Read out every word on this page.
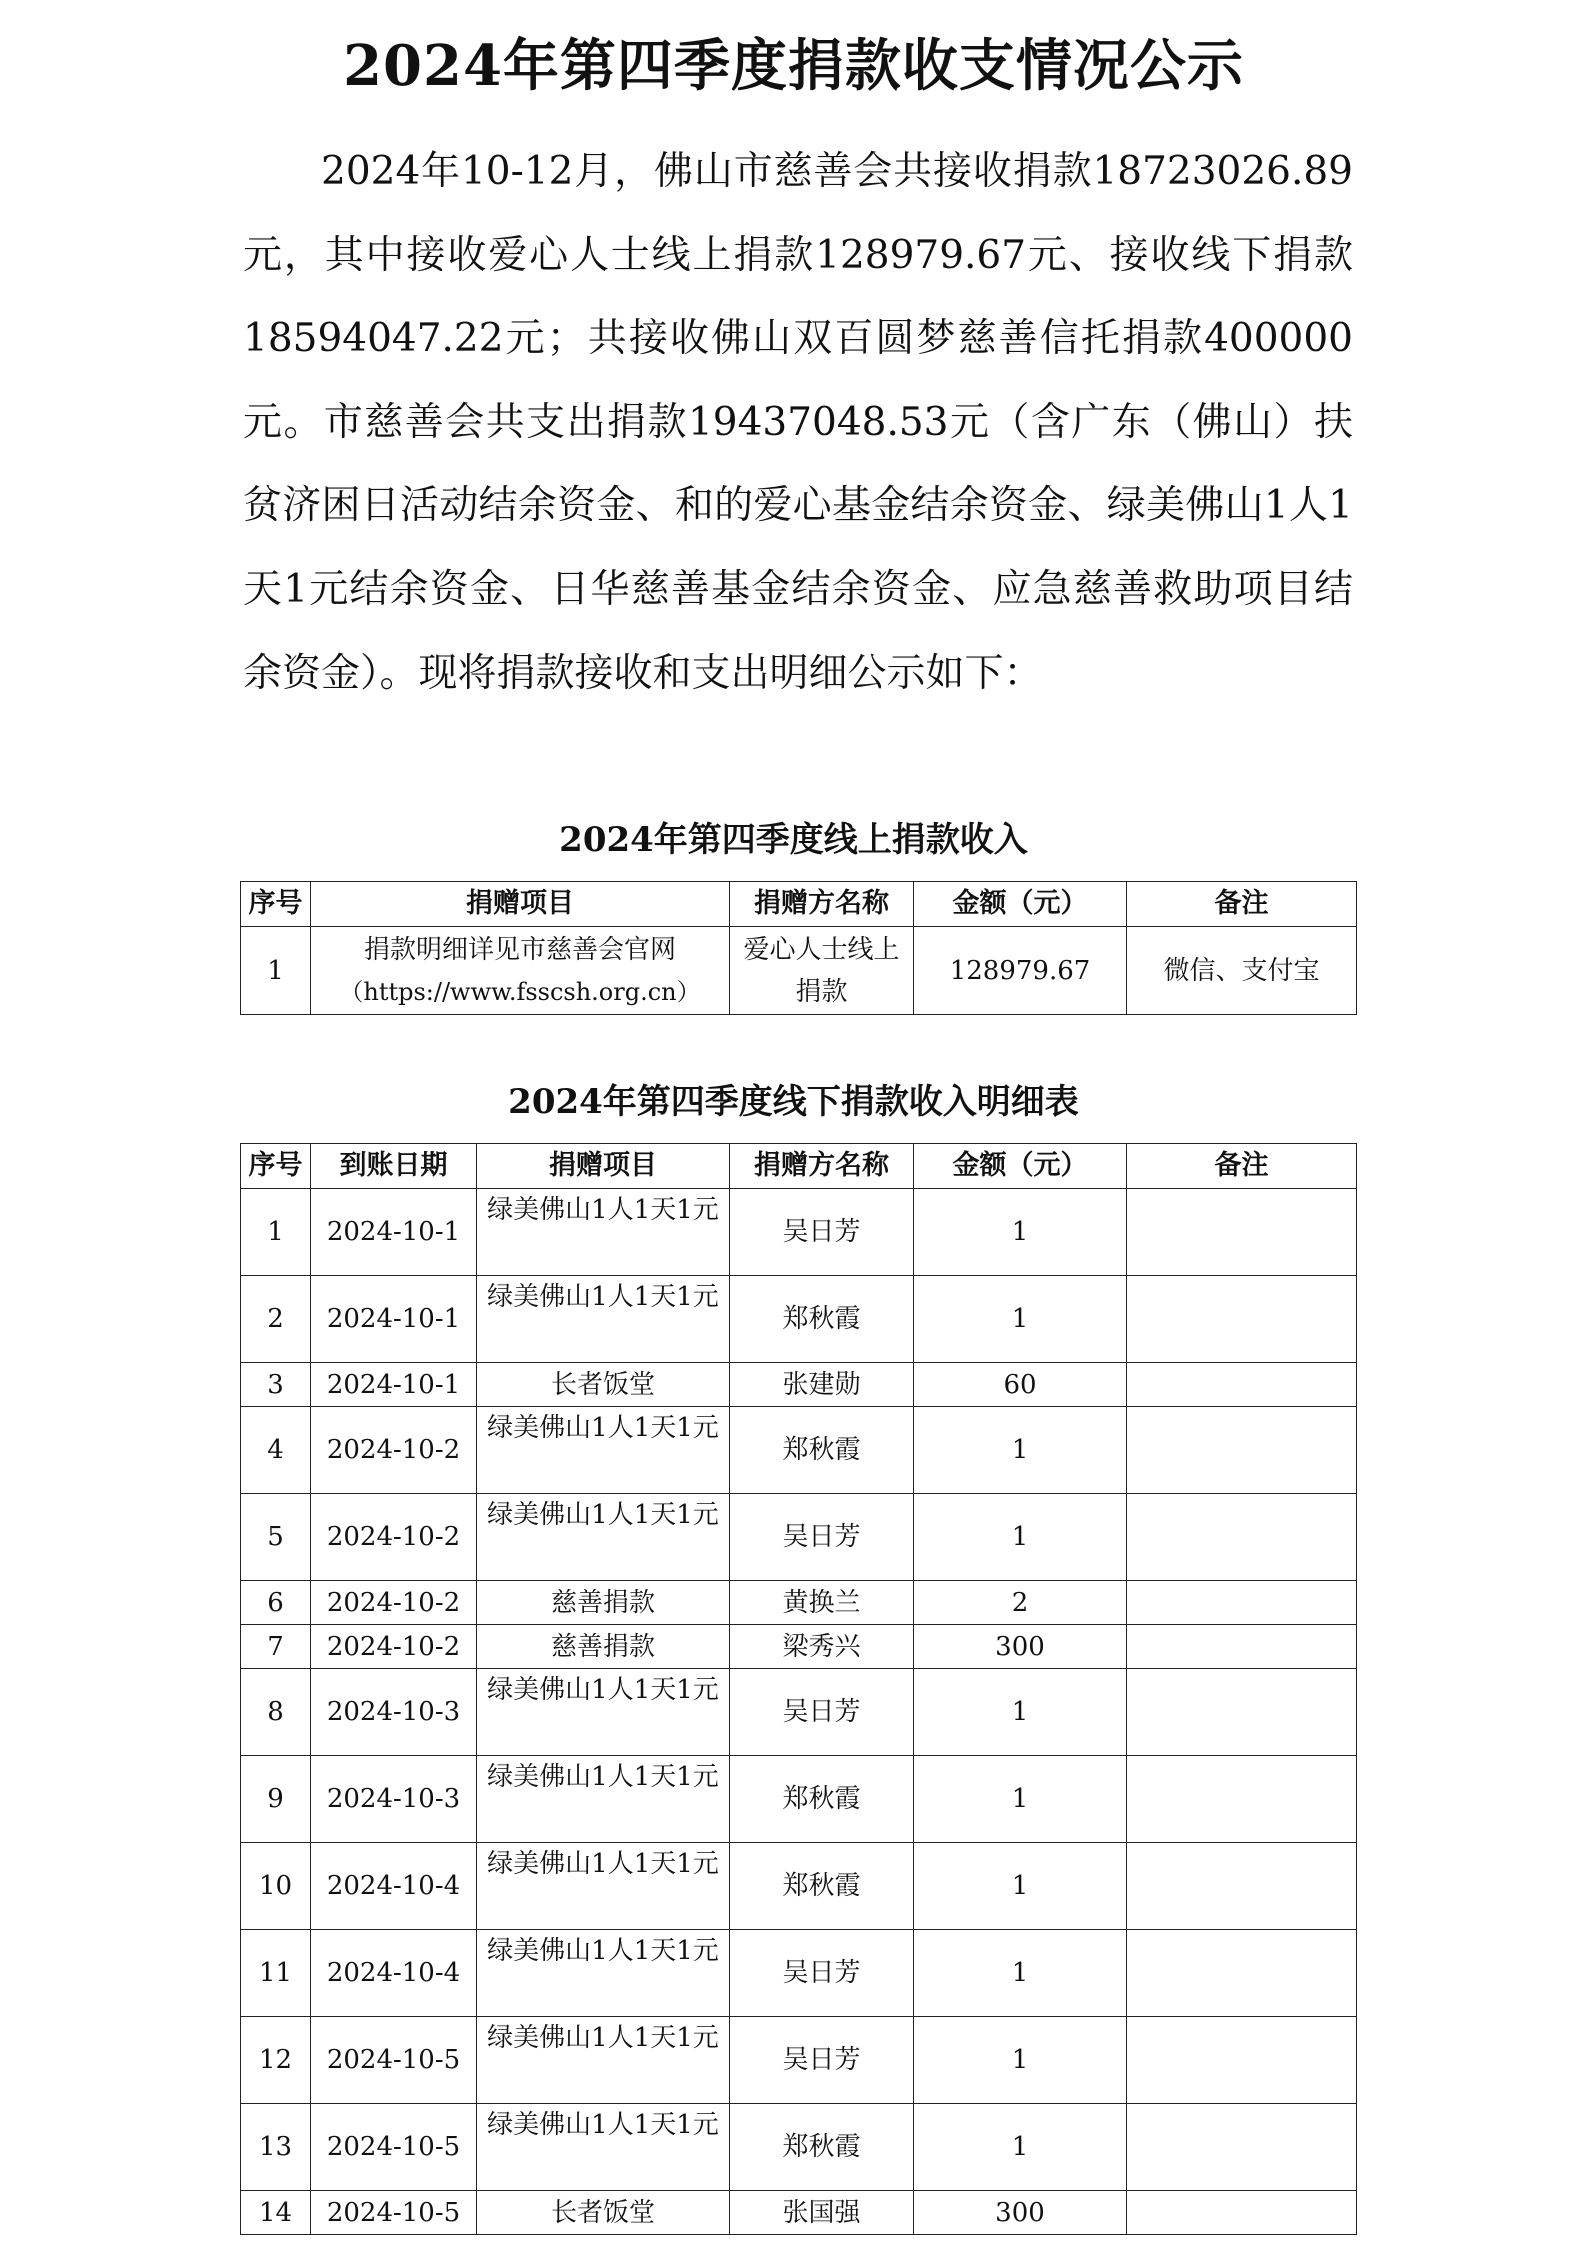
2024年第四季度捐款收支情况公示
2024年10-12月，佛山市慈善会共接收捐款18723026.89元，其中接收爱心人士线上捐款128979.67元、接收线下捐款18594047.22元；共接收佛山双百圆梦慈善信托捐款400000元。市慈善会共支出捐款19437048.53元（含广东（佛山）扶贫济困日活动结余资金、和的爱心基金结余资金、绿美佛山1人1天1元结余资金、日华慈善基金结余资金、应急慈善救助项目结余资金）。现将捐款接收和支出明细公示如下：
2024年第四季度线上捐款收入
序号	捐赠项目	捐赠方名称	金额（元）	备注
1	捐款明细详见市慈善会官网
（https://www.fsscsh.org.cn）	爱心人士线上捐款	128979.67	微信、支付宝
2024年第四季度线下捐款收入明细表
序号	到账日期	捐赠项目	捐赠方名称	金额（元）	备注
1	2024-10-1	绿美佛山1人1天1元	吴日芳	1	
2	2024-10-1	绿美佛山1人1天1元	郑秋霞	1	
3	2024-10-1	长者饭堂	张建勋	60	
4	2024-10-2	绿美佛山1人1天1元	郑秋霞	1	
5	2024-10-2	绿美佛山1人1天1元	吴日芳	1	
6	2024-10-2	慈善捐款	黄换兰	2	
7	2024-10-2	慈善捐款	梁秀兴	300	
8	2024-10-3	绿美佛山1人1天1元	吴日芳	1	
9	2024-10-3	绿美佛山1人1天1元	郑秋霞	1	
10	2024-10-4	绿美佛山1人1天1元	郑秋霞	1	
11	2024-10-4	绿美佛山1人1天1元	吴日芳	1	
12	2024-10-5	绿美佛山1人1天1元	吴日芳	1	
13	2024-10-5	绿美佛山1人1天1元	郑秋霞	1	
14	2024-10-5	长者饭堂	张国强	300	
